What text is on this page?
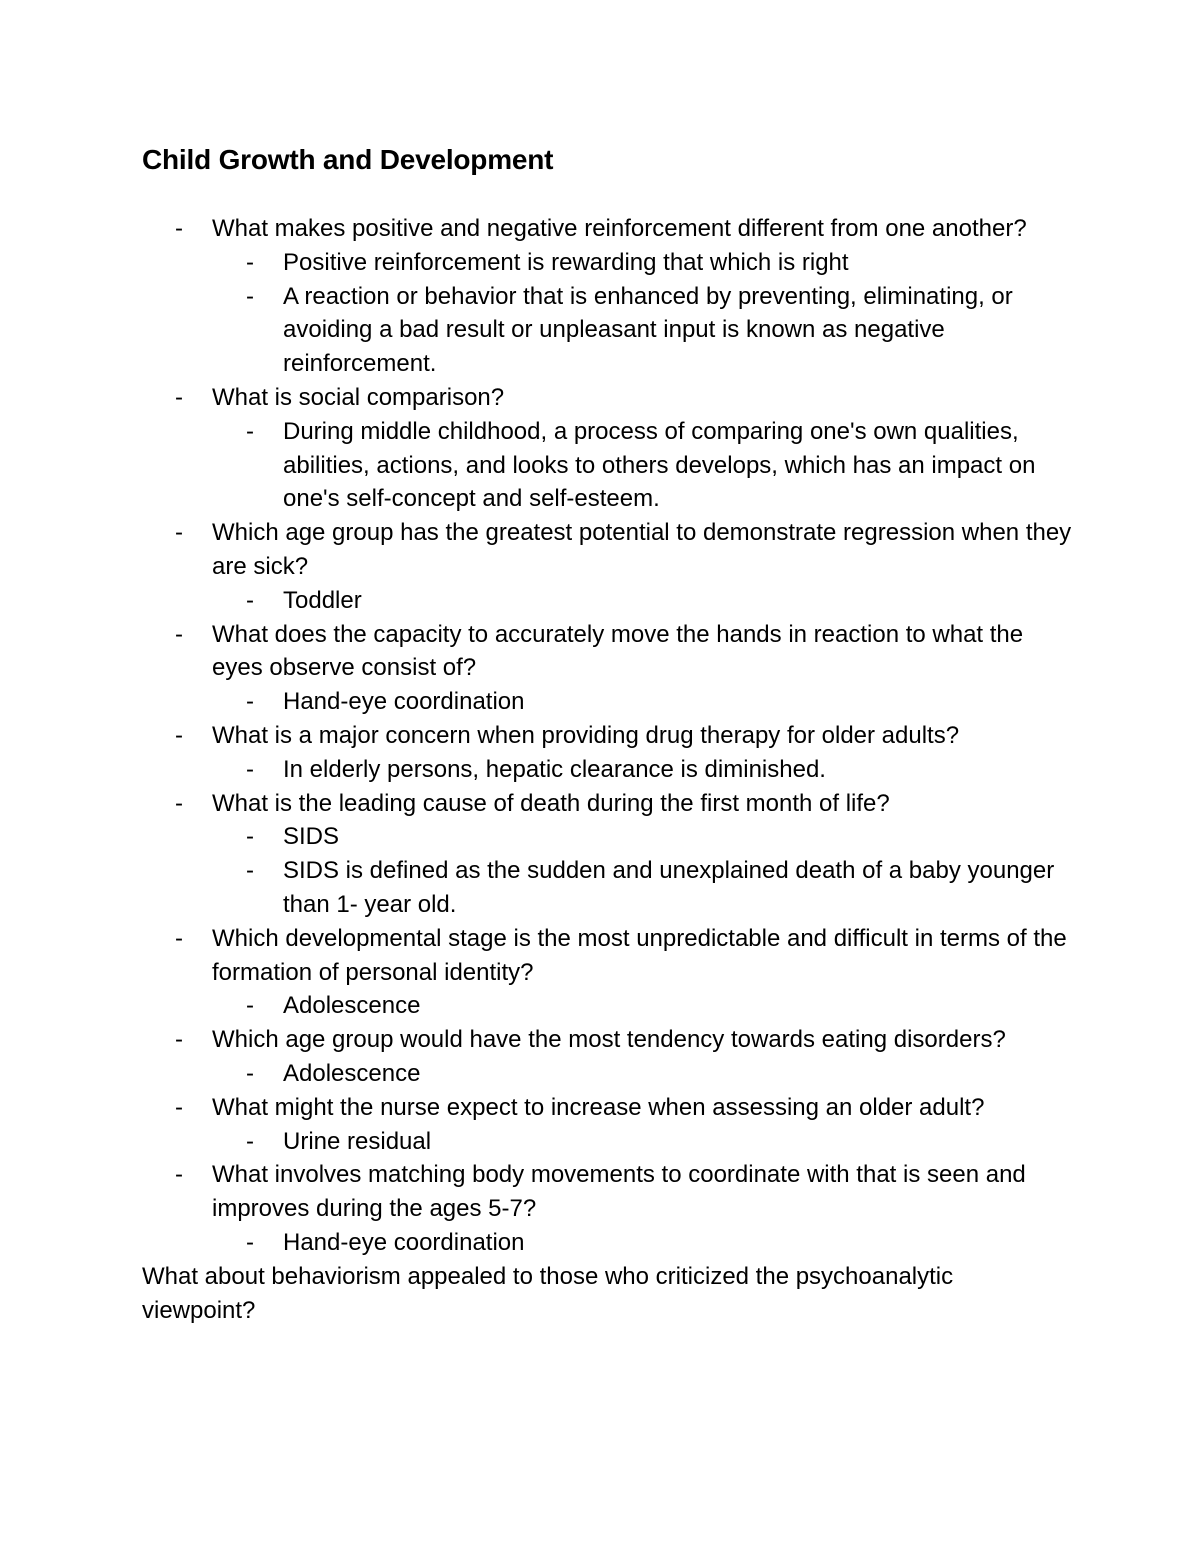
Child Growth and Development
-	What makes positive and negative reinforcement different from one another?
-	Positive reinforcement is rewarding that which is right
-	A reaction or behavior that is enhanced by preventing, eliminating, or avoiding a bad result or unpleasant input is known as negative reinforcement.
-	What is social comparison?
-	During middle childhood, a process of comparing one's own qualities, abilities, actions, and looks to others develops, which has an impact on one's self-concept and self-esteem.
-	Which age group has the greatest potential to demonstrate regression when they are sick?
-	Toddler
-	What does the capacity to accurately move the hands in reaction to what the eyes observe consist of?
-	Hand-eye coordination
-	What is a major concern when providing drug therapy for older adults?
-	In elderly persons, hepatic clearance is diminished.
-	What is the leading cause of death during the first month of life?
-	SIDS
-	SIDS is defined as the sudden and unexplained death of a baby younger than 1- year old.
-	Which developmental stage is the most unpredictable and difficult in terms of the formation of personal identity?
-	Adolescence
-	Which age group would have the most tendency towards eating disorders?
-	Adolescence
-	What might the nurse expect to increase when assessing an older adult?
-	Urine residual
-	What involves matching body movements to coordinate with that is seen and improves during the ages 5-7?
-	Hand-eye coordination
What about behaviorism appealed to those who criticized the psychoanalytic viewpoint?
